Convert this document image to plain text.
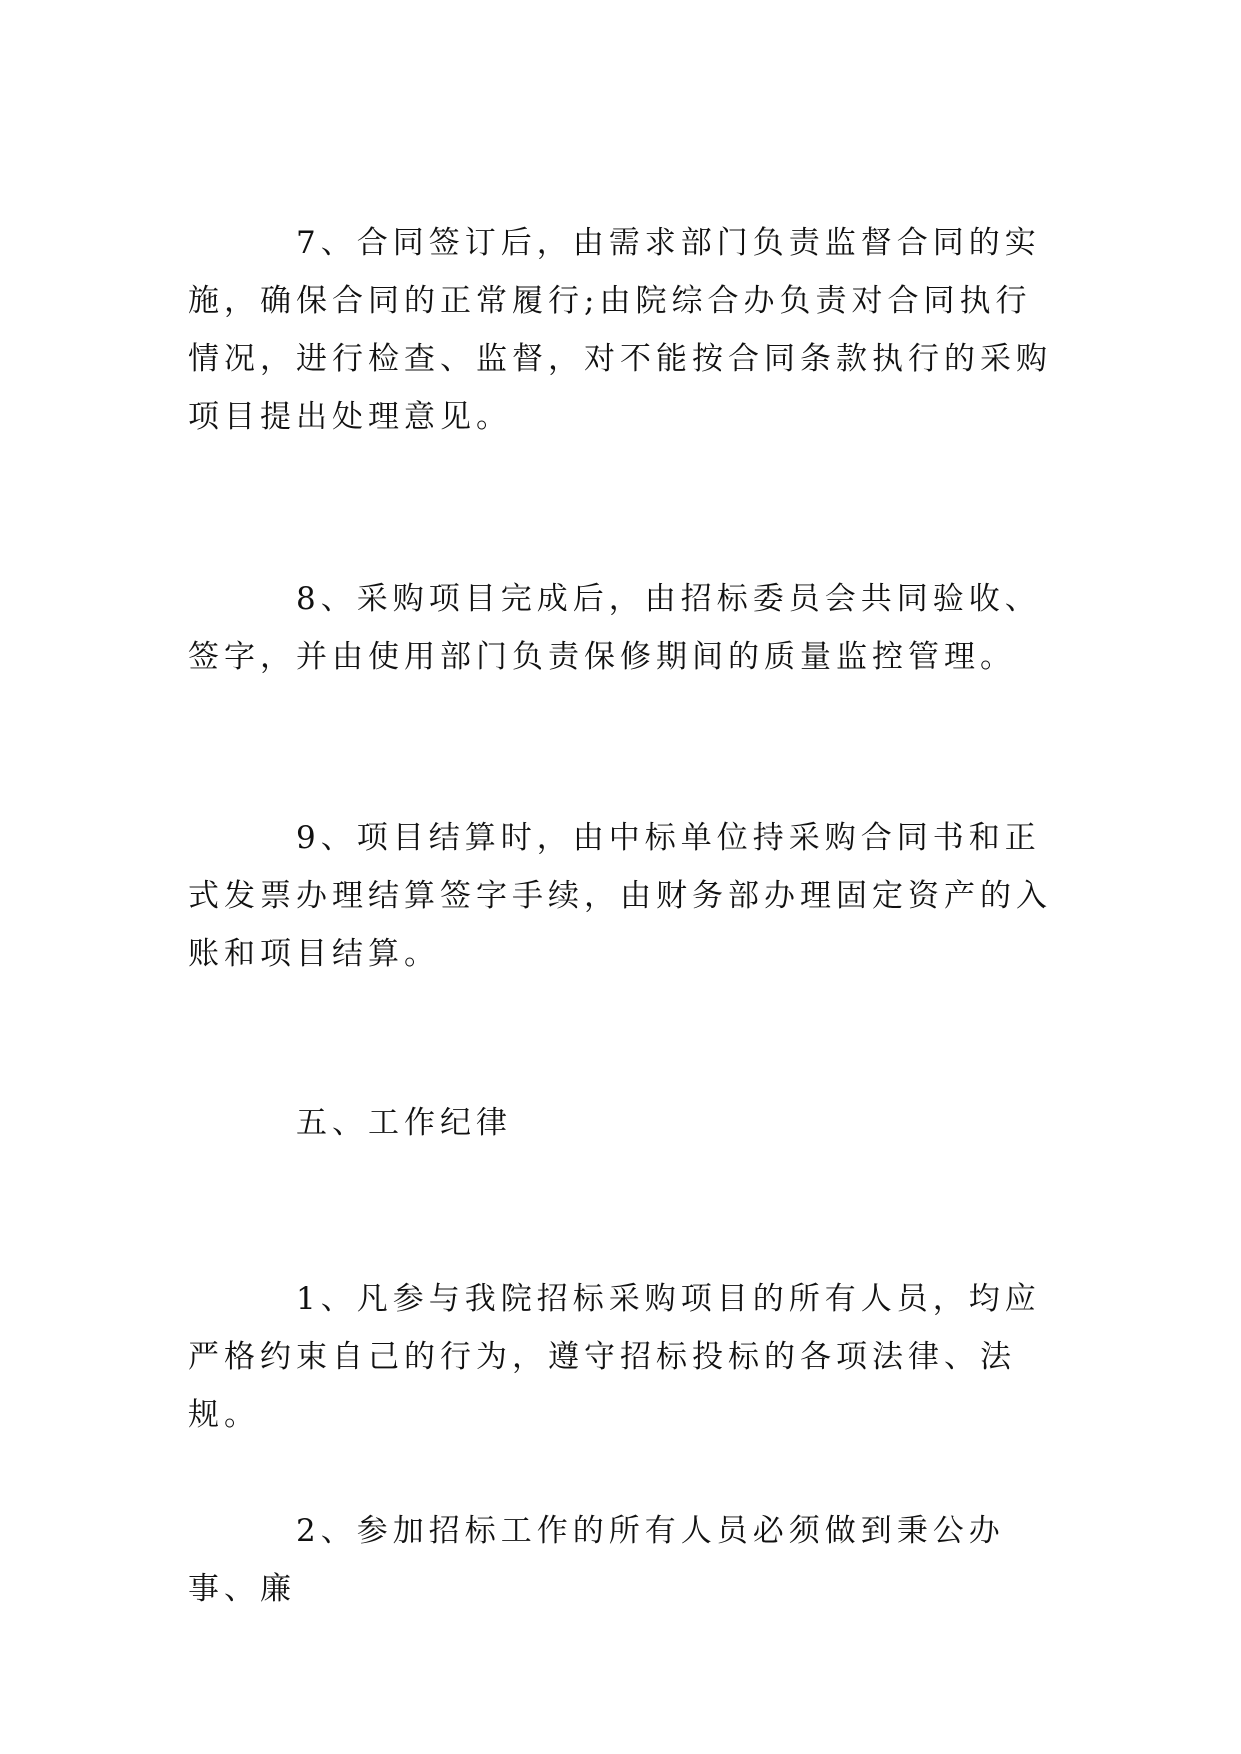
7、合同签订后，由需求部门负责监督合同的实施，确保合同的正常履行;由院综合办负责对合同执行情况，进行检查、监督，对不能按合同条款执行的采购项目提出处理意见。

8、采购项目完成后，由招标委员会共同验收、签字，并由使用部门负责保修期间的质量监控管理。

9、项目结算时，由中标单位持采购合同书和正式发票办理结算签字手续，由财务部办理固定资产的入账和项目结算。

五、工作纪律

1、凡参与我院招标采购项目的所有人员，均应严格约束自己的行为，遵守招标投标的各项法律、法规。

2、参加招标工作的所有人员必须做到秉公办事、廉
